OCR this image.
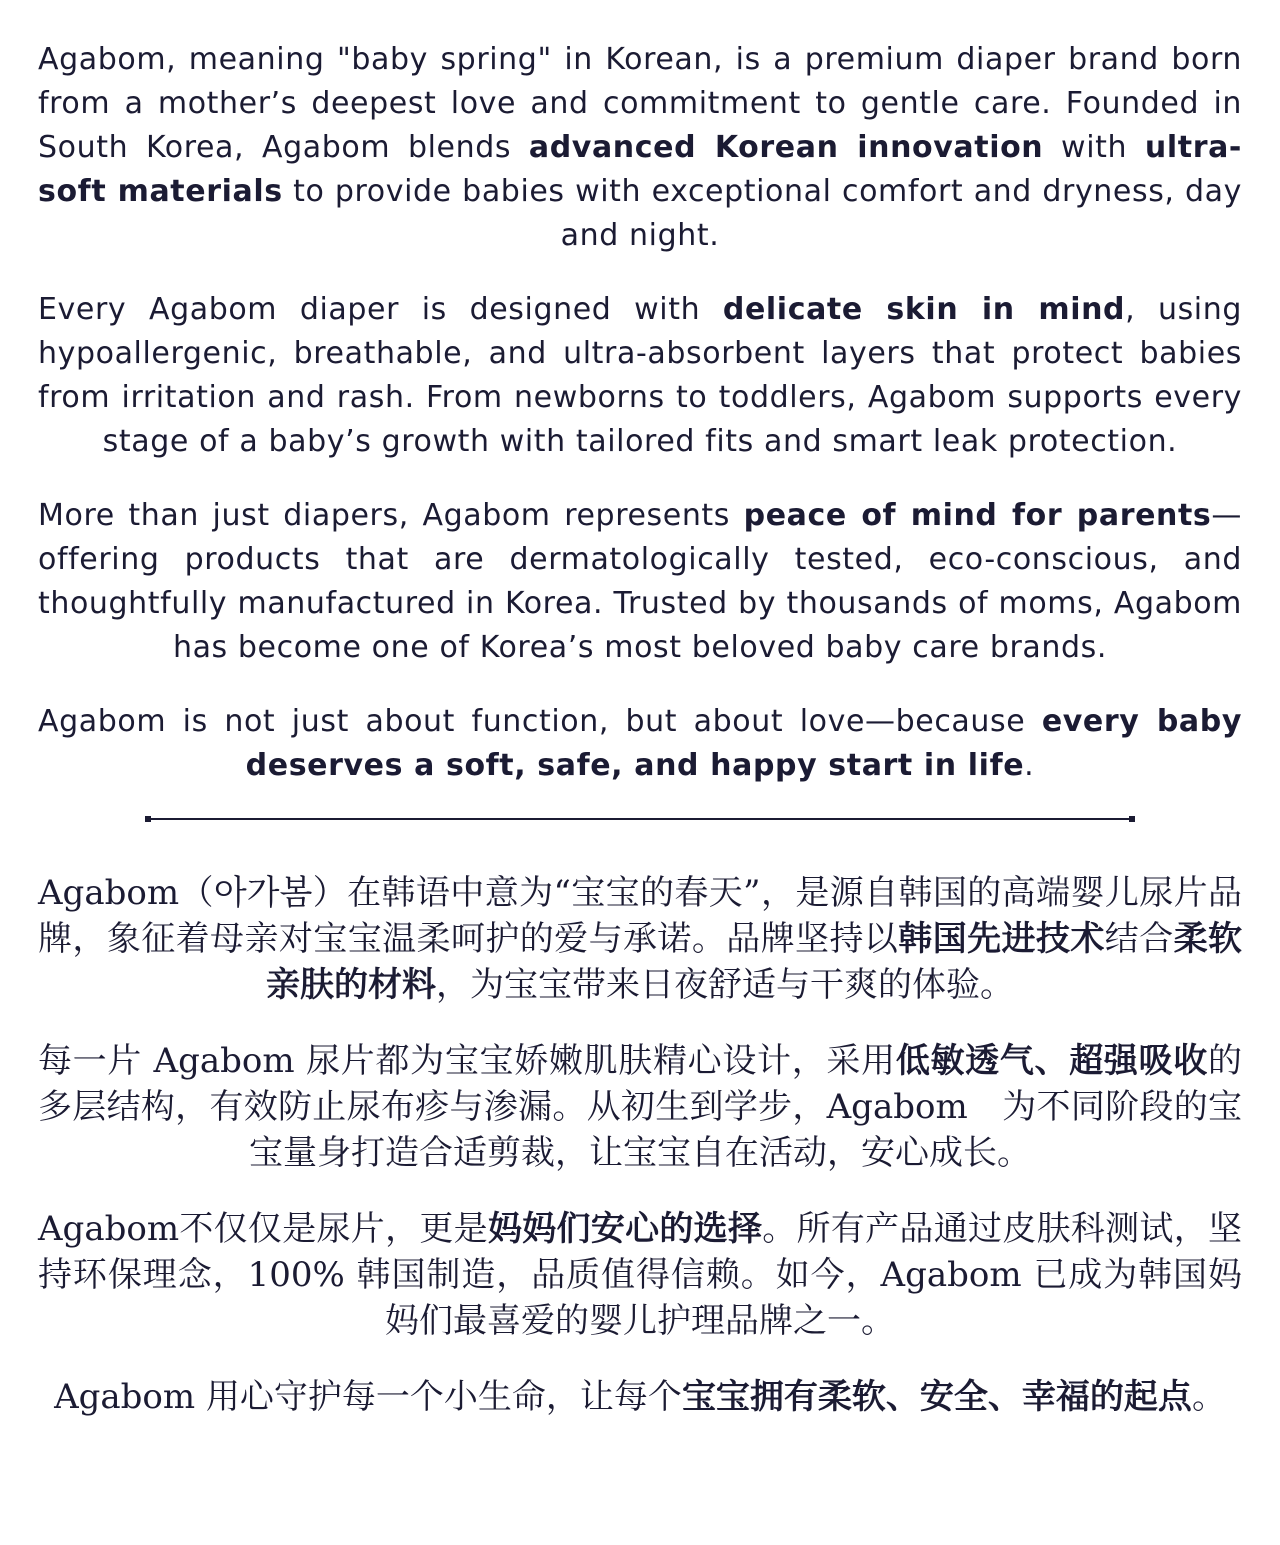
Agabom, meaning "baby spring" in Korean, is a premium diaper brand born from a mother’s deepest love and commitment to gentle care. Founded in South Korea, Agabom blends advanced Korean innovation with ultra-soft materials to provide babies with exceptional comfort and dryness, day and night.

Every Agabom diaper is designed with delicate skin in mind, using hypoallergenic, breathable, and ultra-absorbent layers that protect babies from irritation and rash. From newborns to toddlers, Agabom supports every stage of a baby’s growth with tailored fits and smart leak protection.

More than just diapers, Agabom represents peace of mind for parents—offering products that are dermatologically tested, eco-conscious, and thoughtfully manufactured in Korea. Trusted by thousands of moms, Agabom has become one of Korea’s most beloved baby care brands.

Agabom is not just about function, but about love—because every baby deserves a soft, safe, and happy start in life.

Agabom（아가봄）在韩语中意为“宝宝的春天”，是源自韩国的高端婴儿尿片品牌，象征着母亲对宝宝温柔呵护的爱与承诺。品牌坚持以韩国先进技术结合柔软亲肤的材料，为宝宝带来日夜舒适与干爽的体验。

每一片 Agabom 尿片都为宝宝娇嫩肌肤精心设计，采用低敏透气、超强吸收的多层结构，有效防止尿布疹与渗漏。从初生到学步，Agabom　为不同阶段的宝宝量身打造合适剪裁，让宝宝自在活动，安心成长。

Agabom不仅仅是尿片，更是妈妈们安心的选择。所有产品通过皮肤科测试，坚持环保理念，100% 韩国制造，品质值得信赖。如今，Agabom 已成为韩国妈妈们最喜爱的婴儿护理品牌之一。

Agabom 用心守护每一个小生命，让每个宝宝拥有柔软、安全、幸福的起点。
